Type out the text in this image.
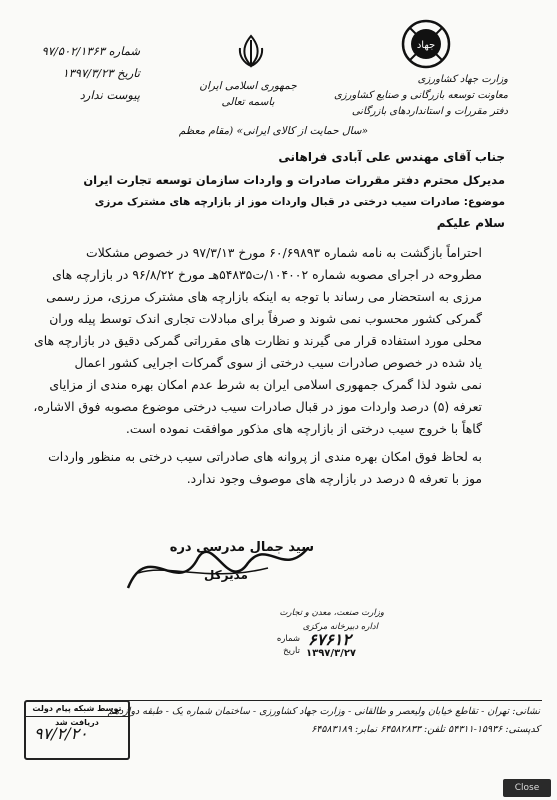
جهاد
شماره ۹۷/۵۰۲/۱۳۶۳
تاریخ ۱۳۹۷/۳/۲۳
پیوست ندارد
جمهوری اسلامی ایران
باسمه تعالی
وزارت جهاد کشاورزی
معاونت توسعه بازرگانی و صنایع کشاورزی
دفتر مقررات و استانداردهای بازرگانی
«سال حمایت از کالای ایرانی» (مقام معظم
جناب آقای مهندس علی آبادی فراهانی
مدیرکل محترم دفتر مقررات صادرات و واردات سازمان توسعه تجارت ایران
موضوع: صادرات سیب درختی در قبال واردات موز از بازارچه های مشترک مرزی
سلام علیکم
احتراماً بازگشت به نامه شماره ۶۰/۶۹۸۹۳ مورخ ۹۷/۳/۱۳ در خصوص مشکلات
مطروحه در اجرای مصوبه شماره ۱۰۴۰۰۲/ت۵۴۸۳۵هـ مورخ ۹۶/۸/۲۲ در بازارچه های
مرزی به استحضار می رساند با توجه به اینکه بازارچه های مشترک مرزی، مرز رسمی
گمرکی کشور محسوب نمی شوند و صرفاً برای مبادلات تجاری اندک توسط پیله وران
محلی مورد استفاده قرار می گیرند و نظارت های مقرراتی گمرکی دقیق در بازارچه های
یاد شده در خصوص صادرات سیب درختی از سوی گمرکات اجرایی کشور اعمال
نمی شود لذا گمرک جمهوری اسلامی ایران به شرط عدم امکان بهره مندی از مزایای
تعرفه (۵) درصد واردات موز در قبال صادرات سیب درختی موضوع مصوبه فوق الاشاره،
گاهاً با خروج سیب درختی از بازارچه های مذکور موافقت نموده است.
به لحاظ فوق امکان بهره مندی از پروانه های صادراتی سیب درختی به منظور واردات
موز با تعرفه ۵ درصد در بازارچه های موصوف وجود ندارد.
سید جمال مدرسی دره
مدیرکل
وزارت صنعت، معدن و تجارت
اداره دبیرخانه مرکزی
شماره
تاریخ
۶۷۶۱۲
۱۳۹۷/۳/۲۷
نشانی: تهران - تقاطع خیابان ولیعصر و طالقانی - وزارت جهاد کشاورزی - ساختمان شماره یک - طبقه دوازدهم
کدپستی: ۱۵۹۳۶-۵۴۳۱۱ تلفن: ۶۴۵۸۲۸۳۳ نمابر: ۶۴۵۸۳۱۸۹
توسط شبکه پیام دولت دریافت شد
۹۷/۲/۲۰
Close
